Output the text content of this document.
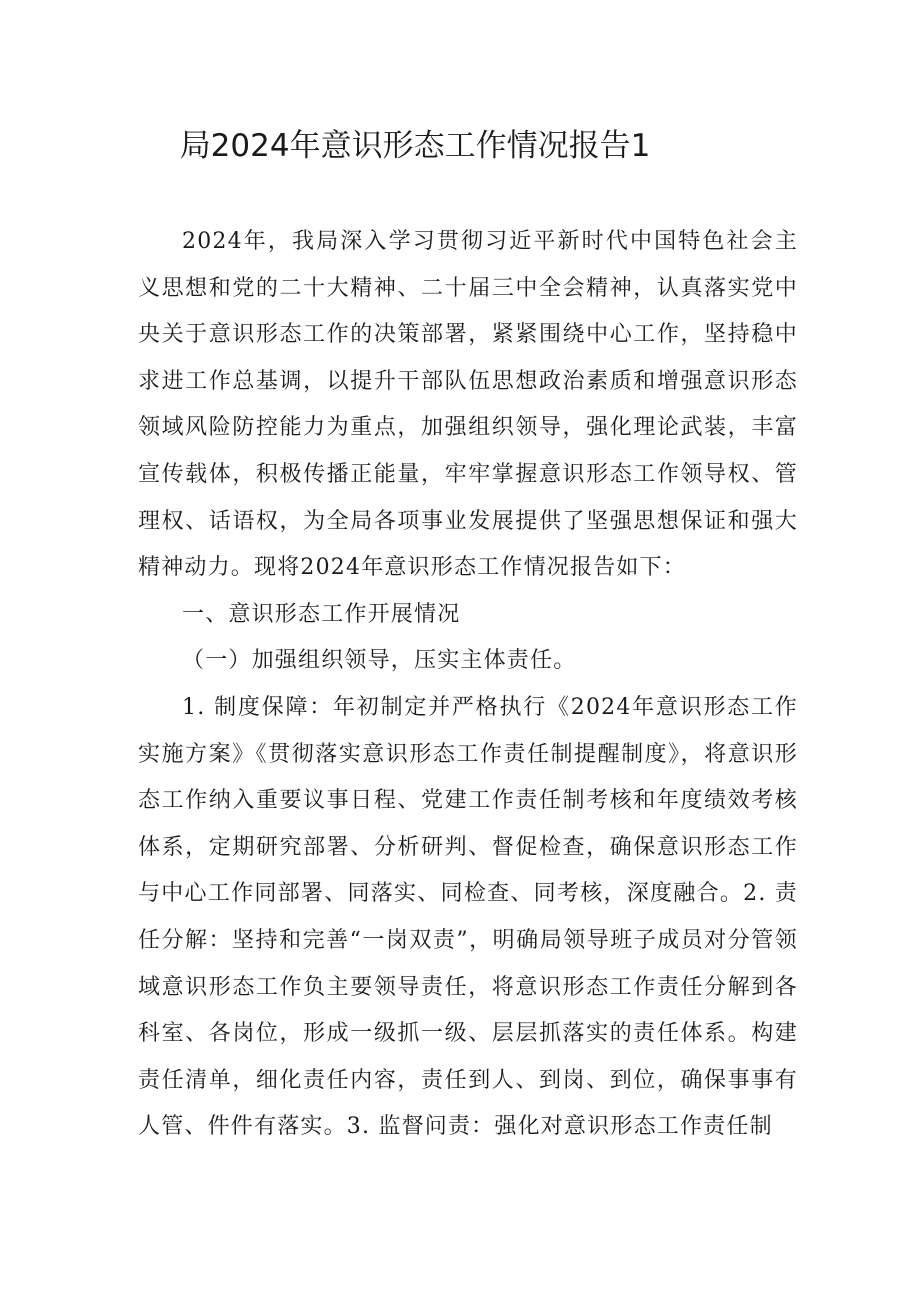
局2024年意识形态工作情况报告1

2024年，我局深入学习贯彻习近平新时代中国特色社会主义思想和党的二十大精神、二十届三中全会精神，认真落实党中央关于意识形态工作的决策部署，紧紧围绕中心工作，坚持稳中求进工作总基调，以提升干部队伍思想政治素质和增强意识形态领域风险防控能力为重点，加强组织领导，强化理论武装，丰富宣传载体，积极传播正能量，牢牢掌握意识形态工作领导权、管理权、话语权，为全局各项事业发展提供了坚强思想保证和强大精神动力。现将2024年意识形态工作情况报告如下：

一、意识形态工作开展情况

（一）加强组织领导，压实主体责任。

1. 制度保障：年初制定并严格执行《2024年意识形态工作实施方案》《贯彻落实意识形态工作责任制提醒制度》，将意识形态工作纳入重要议事日程、党建工作责任制考核和年度绩效考核体系，定期研究部署、分析研判、督促检查，确保意识形态工作与中心工作同部署、同落实、同检查、同考核，深度融合。2. 责任分解：坚持和完善“一岗双责”，明确局领导班子成员对分管领域意识形态工作负主要领导责任，将意识形态工作责任分解到各科室、各岗位，形成一级抓一级、层层抓落实的责任体系。构建责任清单，细化责任内容，责任到人、到岗、到位，确保事事有人管、件件有落实。3. 监督问责：强化对意识形态工作责任制
